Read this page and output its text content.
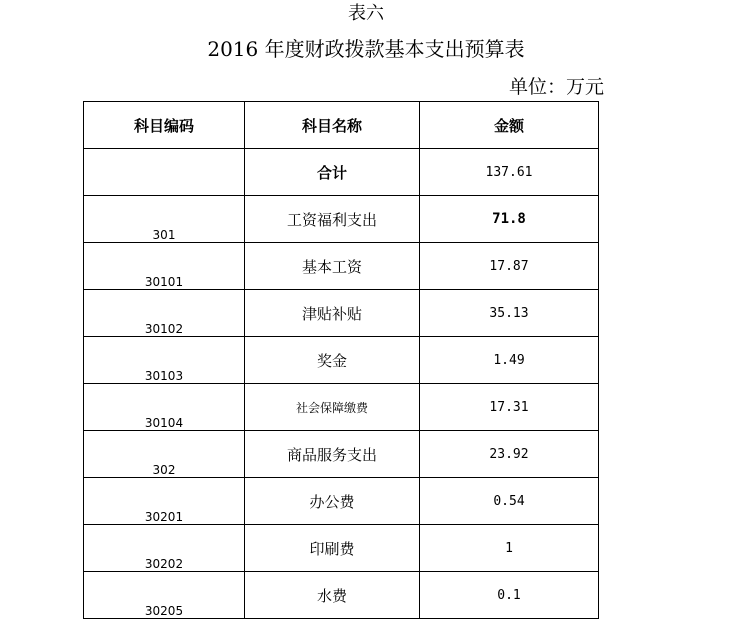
表六
2016 年度财政拨款基本支出预算表
单位：万元
科目编码	科目名称	金额
	合计	137.61
301	工资福利支出	71.8
30101	基本工资	17.87
30102	津贴补贴	35.13
30103	奖金	1.49
30104	社会保障缴费	17.31
302	商品服务支出	23.92
30201	办公费	0.54
30202	印刷费	1
30205	水费	0.1
